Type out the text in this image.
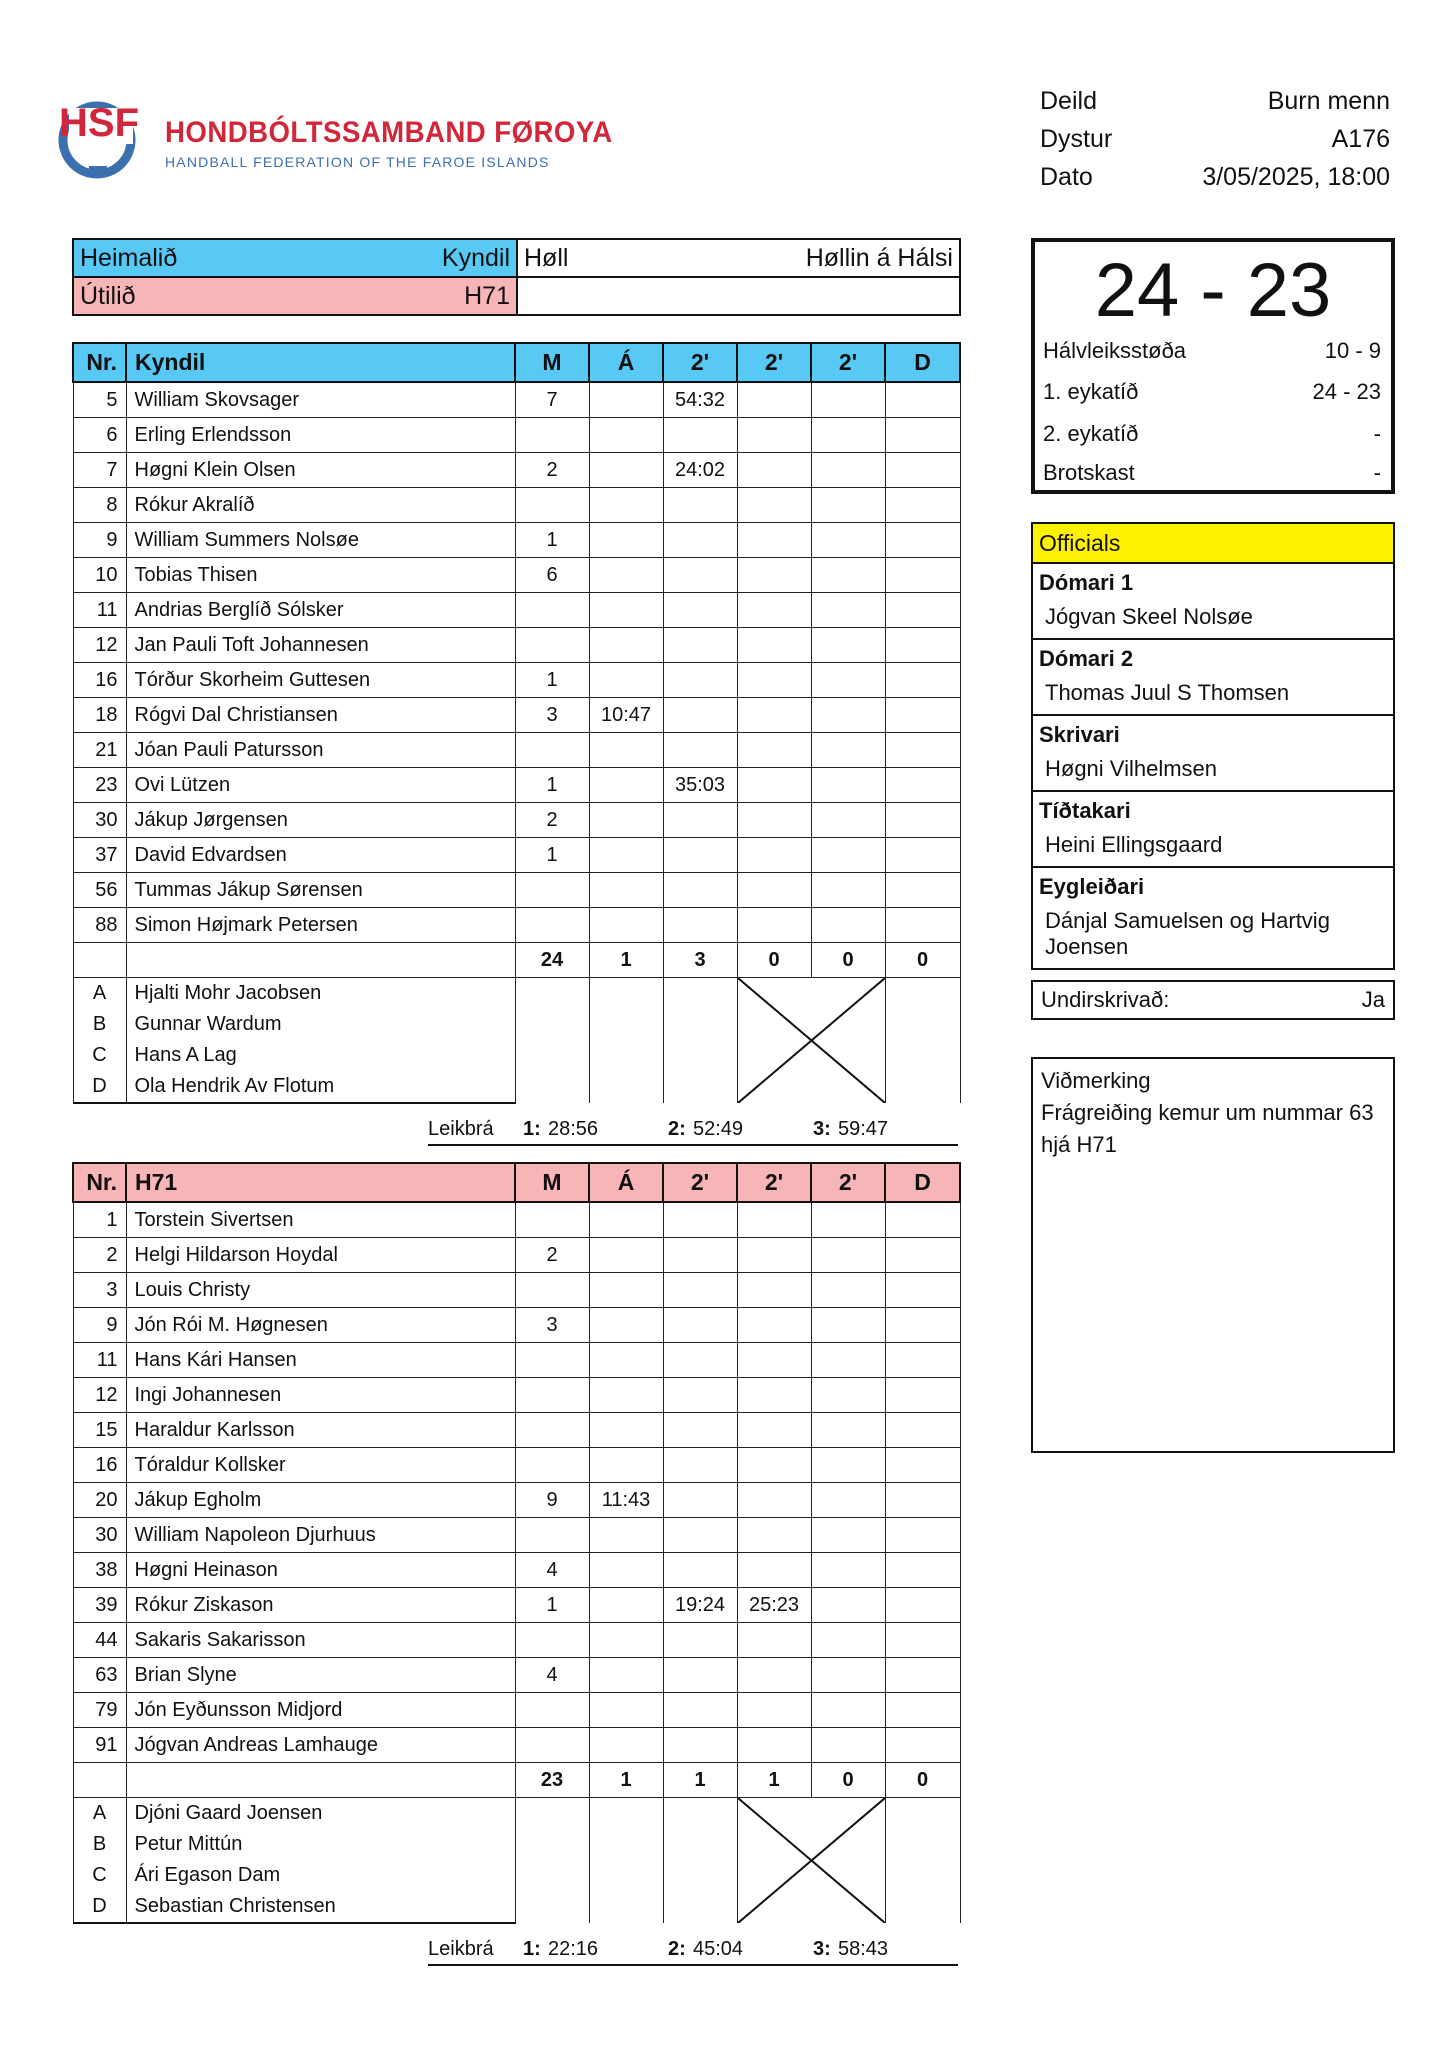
HSF HONDBÓLTSSAMBAND FØROYA
HANDBALL FEDERATION OF THE FAROE ISLANDS
Deild	Burn menn
Dystur	A176
Dato	3/05/2025, 18:00
Heimalið Kyndil	Høll Høllin á Hálsi

Útilið H71	

Nr.	Kyndil	M	Á	2'	2'	2'	D
5	William Skovsager	7		54:32			
6	Erling Erlendsson						
7	Høgni Klein Olsen	2		24:02			
8	Rókur Akralíð						
9	William Summers Nolsøe	1					
10	Tobias Thisen	6					
11	Andrias Berglíð Sólsker						
12	Jan Pauli Toft Johannesen						
16	Tórður Skorheim Guttesen	1					
18	Rógvi Dal Christiansen	3	10:47				
21	Jóan Pauli Patursson						
23	Ovi Lützen	1		35:03			
30	Jákup Jørgensen	2					
37	David Edvardsen	1					
56	Tummas Jákup Sørensen						
88	Simon Højmark Petersen						
		24	1	3	0	0	0
A	Hjalti Mohr Jacobsen				

B	Gunnar Wardum						
C	Hans A Lag						
D	Ola Hendrik Av Flotum						
Leikbrá 1: 28:56	2: 52:49	3: 59:47
Nr.	H71	M	Á	2'	2'	2'	D
1	Torstein Sivertsen						
2	Helgi Hildarson Hoydal	2					
3	Louis Christy						
9	Jón Rói M. Høgnesen	3					
11	Hans Kári Hansen						
12	Ingi Johannesen						
15	Haraldur Karlsson						
16	Tóraldur Kollsker						
20	Jákup Egholm	9	11:43				
30	William Napoleon Djurhuus						
38	Høgni Heinason	4					
39	Rókur Ziskason	1		19:24	25:23		
44	Sakaris Sakarisson						
63	Brian Slyne	4					
79	Jón Eyðunsson Midjord						
91	Jógvan Andreas Lamhauge						
		23	1	1	1	0	0
A	Djóni Gaard Joensen				

B	Petur Mittún						
C	Ári Egason Dam						
D	Sebastian Christensen						
Leikbrá 1: 22:16	2: 45:04	3: 58:43
24 - 23
Hálvleiksstøða	10 - 9
1. eykatíð	24 - 23
2. eykatíð	-
Brotskast	-
Officials
Dómari 1
Jógvan Skeel Nolsøe
Dómari 2
Thomas Juul S Thomsen
Skrivari
Høgni Vilhelmsen
Tíðtakari
Heini Ellingsgaard
Eygleiðari
Dánjal Samuelsen og Hartvig Joensen
Undirskrivað:	Ja
Viðmerking
Frágreiðing kemur um nummar 63 hjá H71
